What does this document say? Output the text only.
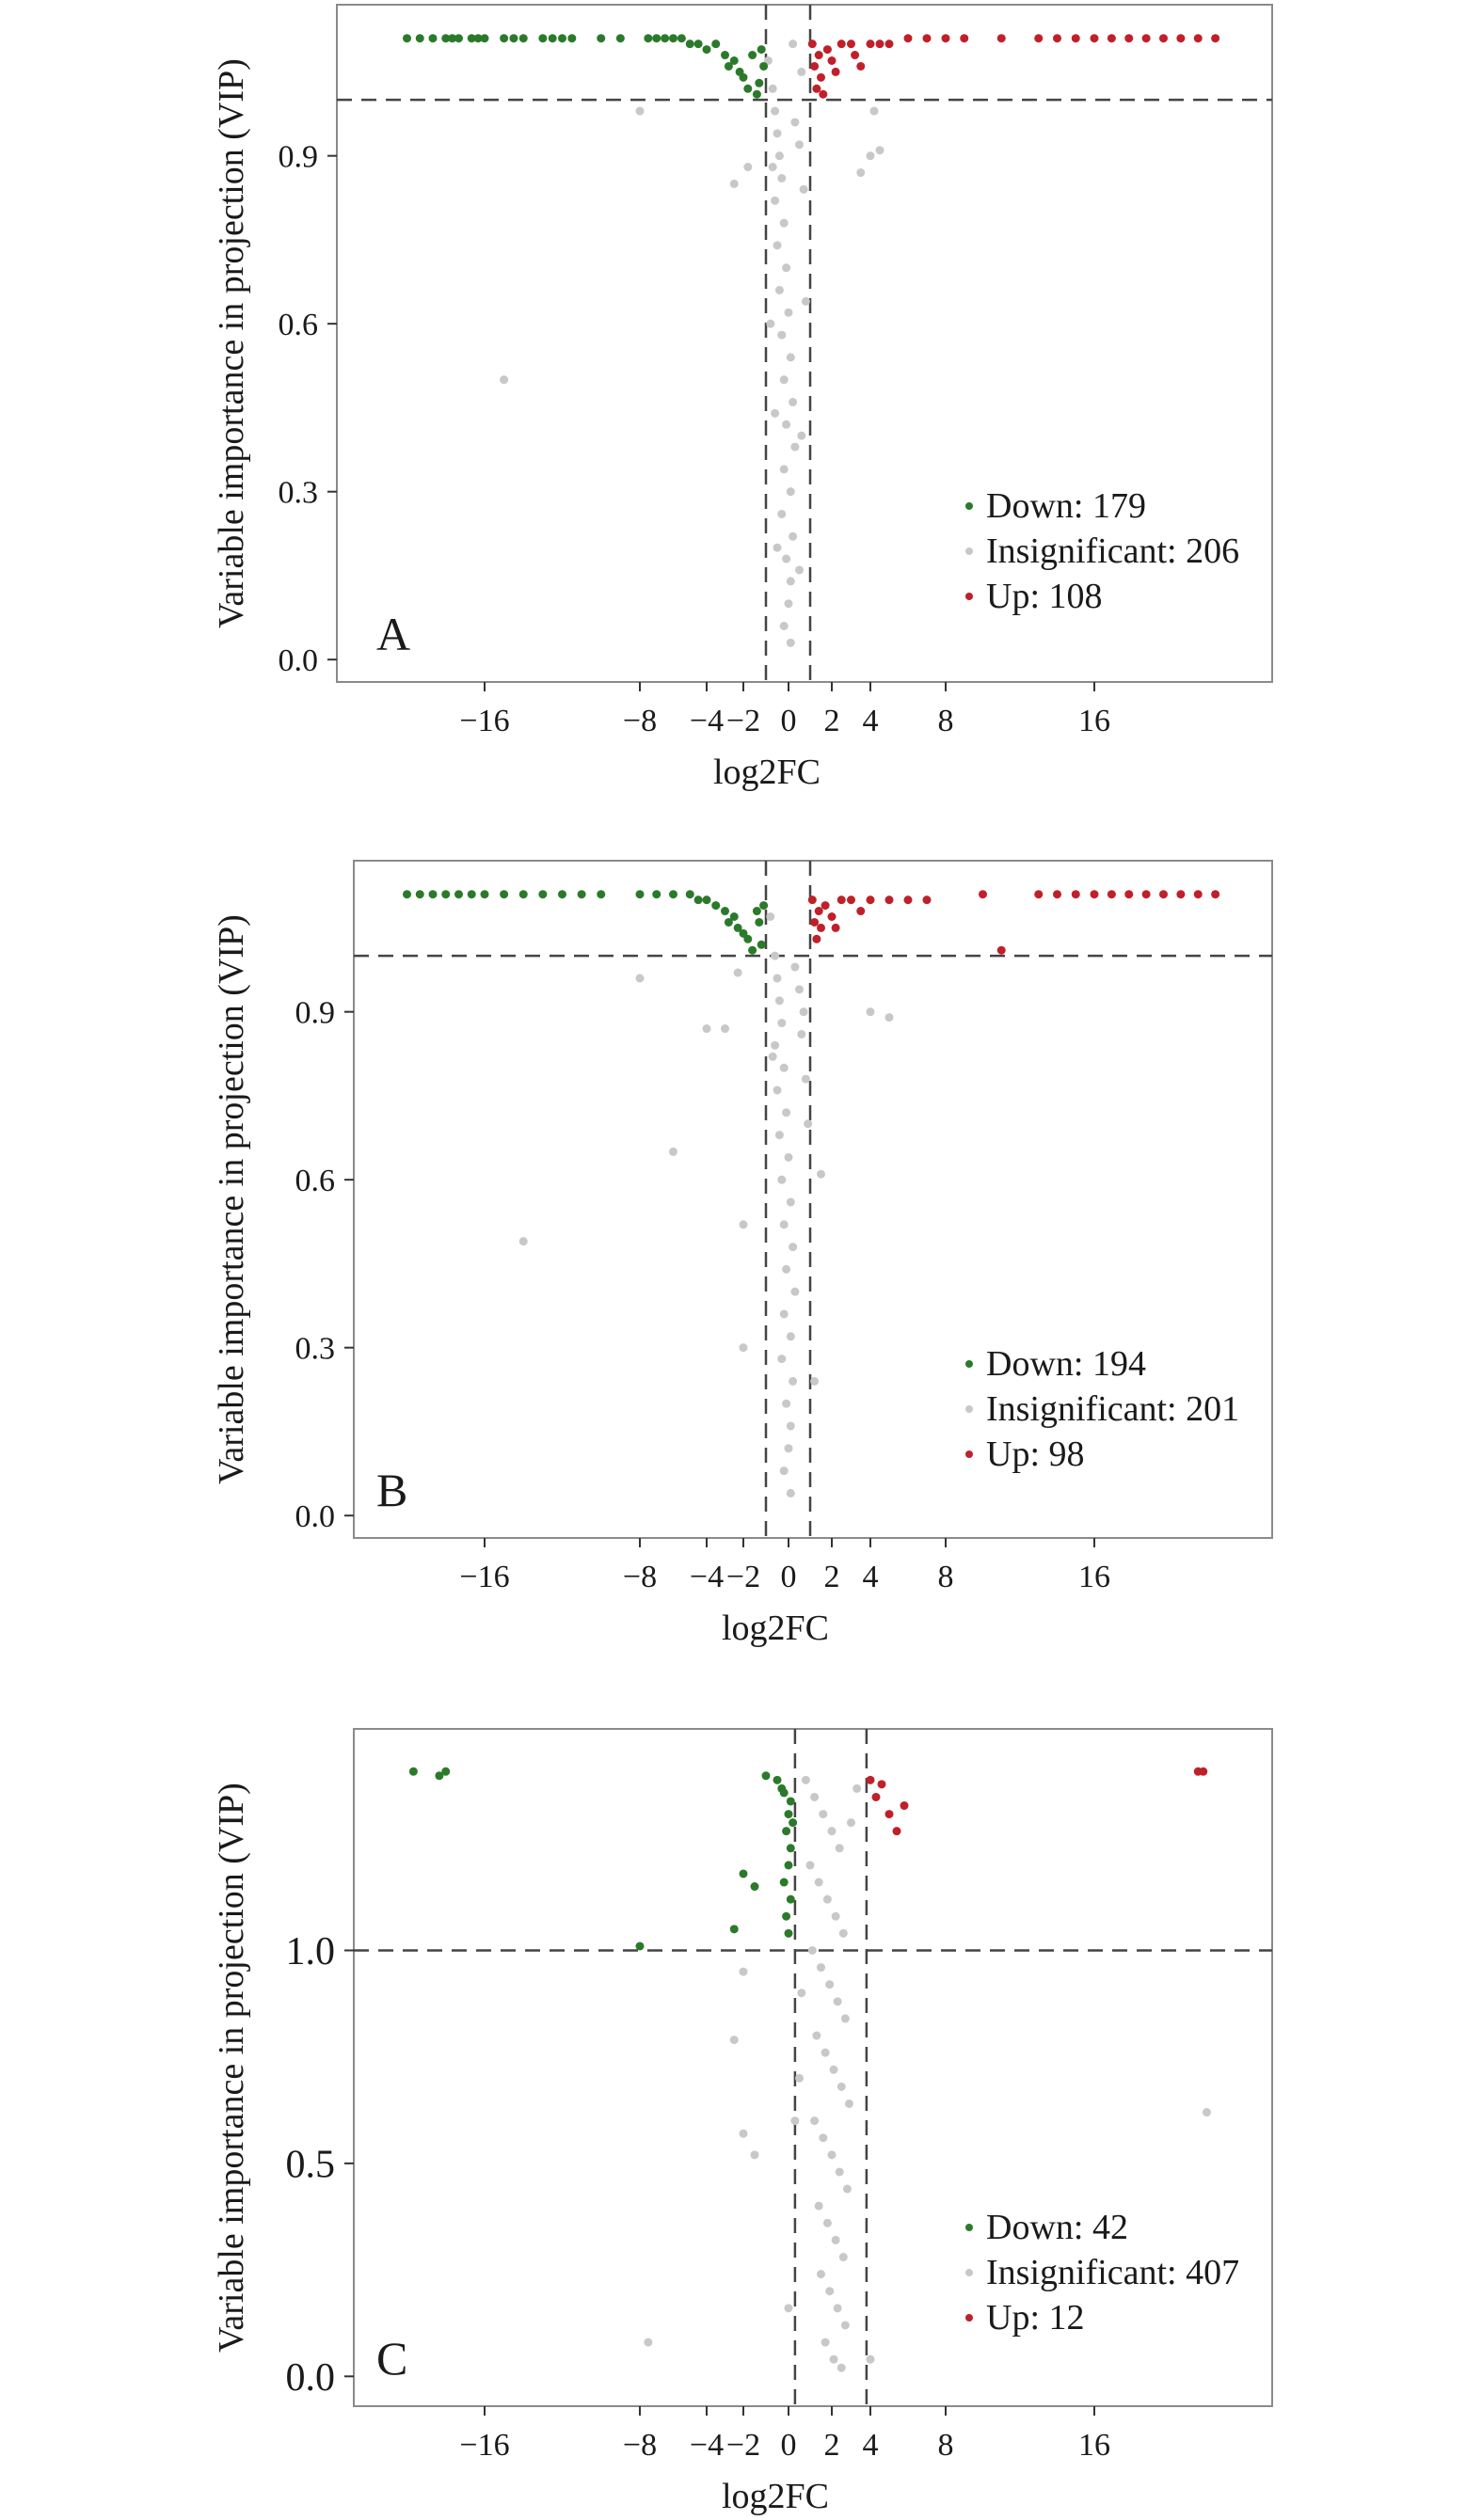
0.0
0.3
0.6
0.9
−16	−8 −4 −2 0 2 4 8	16
log2FC
Variable importance in projection (VIP)	Down: 179
Insignificant: 206
Up: 108
A
0.0
0.3
0.6
0.9
−16	−8 −4 −2 0 2 4 8	16
log2FC
Variable importance in projection (VIP)	Down: 194
Insignificant: 201
Up: 98
B
0.0
0.5
1.0
−16	−8 −4 −2 0 2 4 8	16
log2FC
Variable importance in projection (VIP)	Down: 42
Insignificant: 407
Up: 12
C
